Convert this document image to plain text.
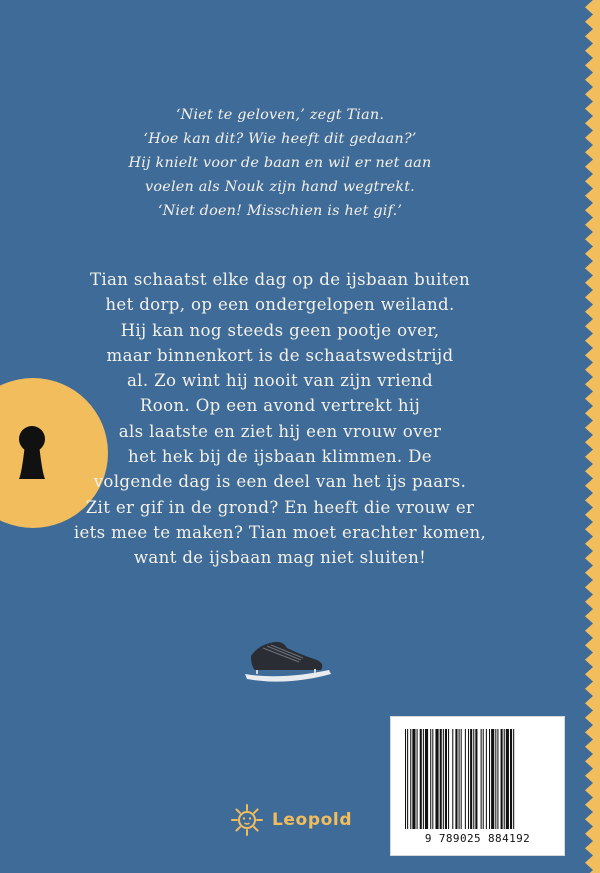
‘Niet te geloven,’ zegt Tian.
‘Hoe kan dit? Wie heeft dit gedaan?’
Hij knielt voor de baan en wil er net aan
voelen als Nouk zijn hand wegtrekt.
‘Niet doen! Misschien is het gif.’
Tian schaatst elke dag op de ijsbaan buiten
het dorp, op een ondergelopen weiland.
Hij kan nog steeds geen pootje over,
maar binnenkort is de schaatswedstrijd
al. Zo wint hij nooit van zijn vriend
Roon. Op een avond vertrekt hij
als laatste en ziet hij een vrouw over
het hek bij de ijsbaan klimmen. De
volgende dag is een deel van het ijs paars.
Zit er gif in de grond? En heeft die vrouw er
iets mee te maken? Tian moet erachter komen,
want de ijsbaan mag niet sluiten!
Leopold
9 789025 884192
